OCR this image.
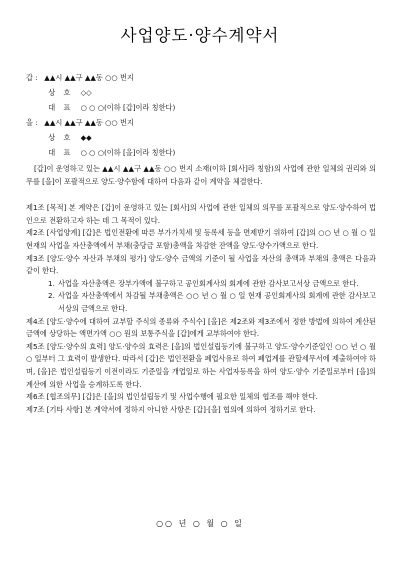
사업양도·양수계약서
갑 : ▲▲시 ▲▲구 ▲▲동 ○○ 번지
상 호 ◇◇
대 표 ○ ○ ○(이하 [갑]이라 칭한다)
을 : ▲▲시 ▲▲구 ▲▲동 ○○ 번지
상 호 ◆◆
대 표 ○ ○ ○(이하 [을]이라 칭한다)

[갑]이 운영하고 있는 ▲▲시 ▲▲구 ▲▲동 ○○ 번지 소재(이하 [회사]라 칭함)의 사업에 관한 일체의 권리와 의무를 [을]이 포괄적으로 양도·양수함에 대하여 다음과 같이 계약을 체결한다.

제1조 [목적] 본 계약은 [갑]이 운영하고 있는 [회사]의 사업에 관한 일체의 의무를 포괄적으로 양도·양수하여 법인으로 전환하고자 하는 데 그 목적이 있다.

제2조 [사업양계] [갑]은 법인전환에 따른 부가가치세 및 등록세 등을 면제받기 위하여 [갑]의 ○○ 년 ○ 월 ○ 일 현재의 사업을 자산총액에서 부채(충당금 포함)총액을 차감한 잔액을 양도·양수가액으로 한다.

제3조 [양도·양수 자산과 부채의 평가] 양도·양수 금액의 기준이 될 사업을 자산의 총액과 부채의 총액은 다음과 같이 한다.

1. 사업을 자산총액은 장부가액에 불구하고 공인회계사의 회계에 관한 감사보고서상 금액으로 한다.
2. 사업을 자산총액에서 차감될 부채총액은 ○○ 년 ○ 월 ○ 일 현재 공인회계사의 회계에 관한 감사보고서상의 금액으로 한다.

제4조 [양도·양수에 대하여 교부할 주식의 종류와 주식수] [을]은 제2조와 제3조에서 정한 방법에 의하여 계산된 금액에 상당하는 액면가액 ○○ 원의 보통주식을 [갑]에게 교부하여야 한다.

제5조 [양도·양수의 효력] 양도·양수의 효력은 [을]의 법인설립등기에 불구하고 양도·양수기준일인 ○○ 년 ○ 월 ○ 일부터 그 효력이 발생한다. 따라서 [갑]은 법인전환을 폐업사유로 하여 폐업계를 관할세무서에 제출하여야 하며, [을]은 법인설립등기 이전이라도 기준일을 개업일로 하는 사업자등록을 하여 양도·양수 기준일로부터 [을]의 계산에 의한 사업을 승계하도록 한다.

제6조 [협조의무] [갑]은 [을]의 법인설립등기 및 사업수행에 필요한 일체의 협조를 해야 한다.

제7조 [기타 사항] 본 계약서에 정하지 아니한 사항은 [갑]·[을] 협의에 의하여 정하기로 한다.

○○ 년 ○ 월 ○ 일
